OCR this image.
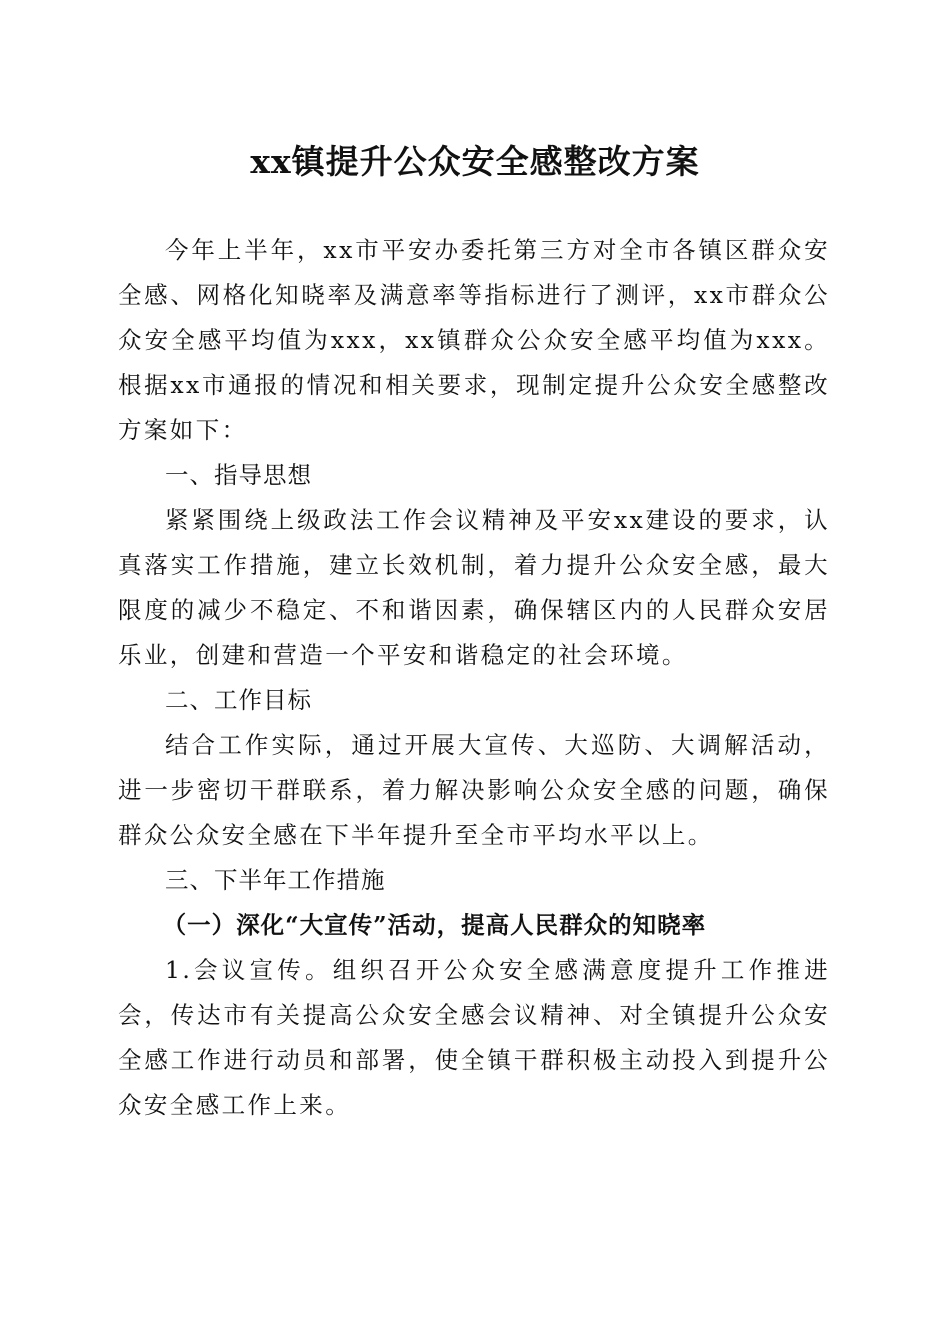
xx镇提升公众安全感整改方案

今年上半年，xx市平安办委托第三方对全市各镇区群众安全感、网格化知晓率及满意率等指标进行了测评，xx市群众公众安全感平均值为xxx，xx镇群众公众安全感平均值为xxx。根据xx市通报的情况和相关要求，现制定提升公众安全感整改方案如下：

一、指导思想

紧紧围绕上级政法工作会议精神及平安xx建设的要求，认真落实工作措施，建立长效机制，着力提升公众安全感，最大限度的减少不稳定、不和谐因素，确保辖区内的人民群众安居乐业，创建和营造一个平安和谐稳定的社会环境。

二、工作目标

结合工作实际，通过开展大宣传、大巡防、大调解活动，进一步密切干群联系，着力解决影响公众安全感的问题，确保群众公众安全感在下半年提升至全市平均水平以上。

三、下半年工作措施

（一）深化“大宣传”活动，提高人民群众的知晓率

1.会议宣传。组织召开公众安全感满意度提升工作推进会，传达市有关提高公众安全感会议精神、对全镇提升公众安全感工作进行动员和部署，使全镇干群积极主动投入到提升公众安全感工作上来。
